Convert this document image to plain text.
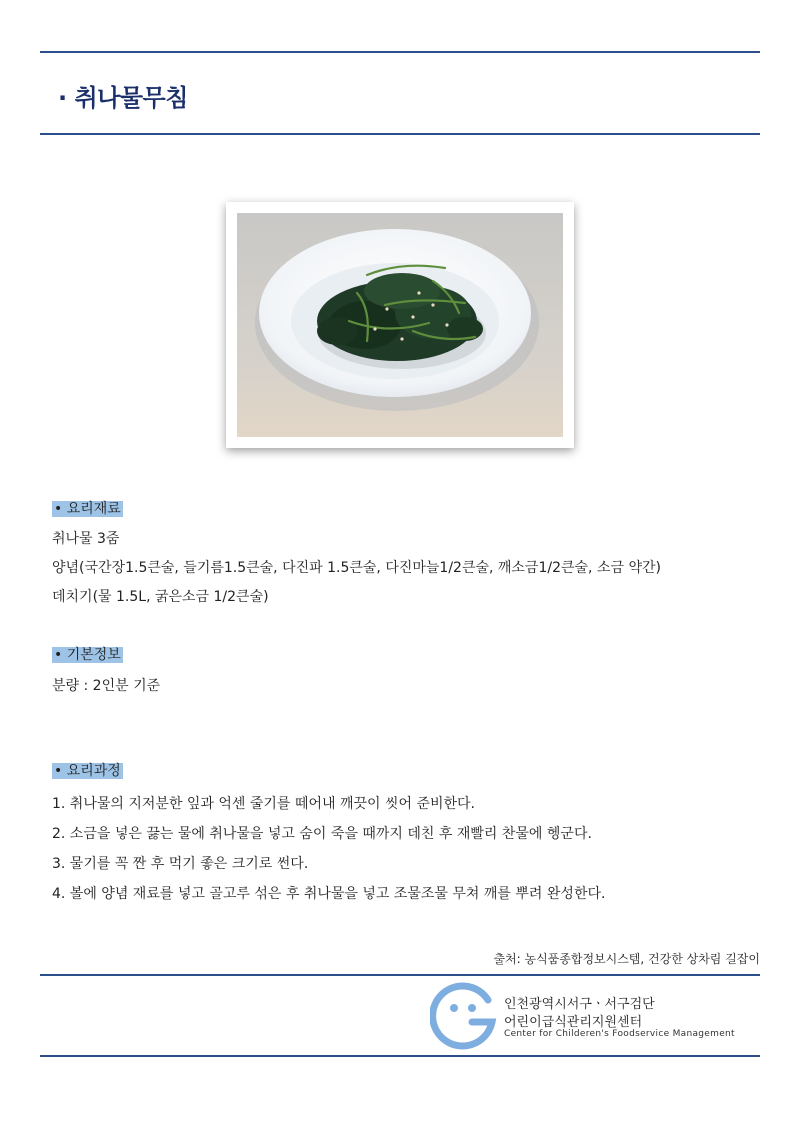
· 취나물무침
• 요리재료
취나물 3줌
양념(국간장1.5큰술, 들기름1.5큰술, 다진파 1.5큰술, 다진마늘1/2큰술, 깨소금1/2큰술, 소금 약간)
데치기(물 1.5L, 굵은소금 1/2큰술)
• 기본정보
분량 : 2인분 기준
• 요리과정
1. 취나물의 지저분한 잎과 억센 줄기를 떼어내 깨끗이 씻어 준비한다.
2. 소금을 넣은 끓는 물에 취나물을 넣고 숨이 죽을 때까지 데친 후 재빨리 찬물에 헹군다.
3. 물기를 꼭 짠 후 먹기 좋은 크기로 썬다.
4. 볼에 양념 재료를 넣고 골고루 섞은 후 취나물을 넣고 조물조물 무쳐 깨를 뿌려 완성한다.
출처: 농식품종합정보시스템, 건강한 상차림 길잡이
인천광역시서구ㆍ서구검단
어린이급식관리지원센터
Center for Childeren's Foodservice Management
